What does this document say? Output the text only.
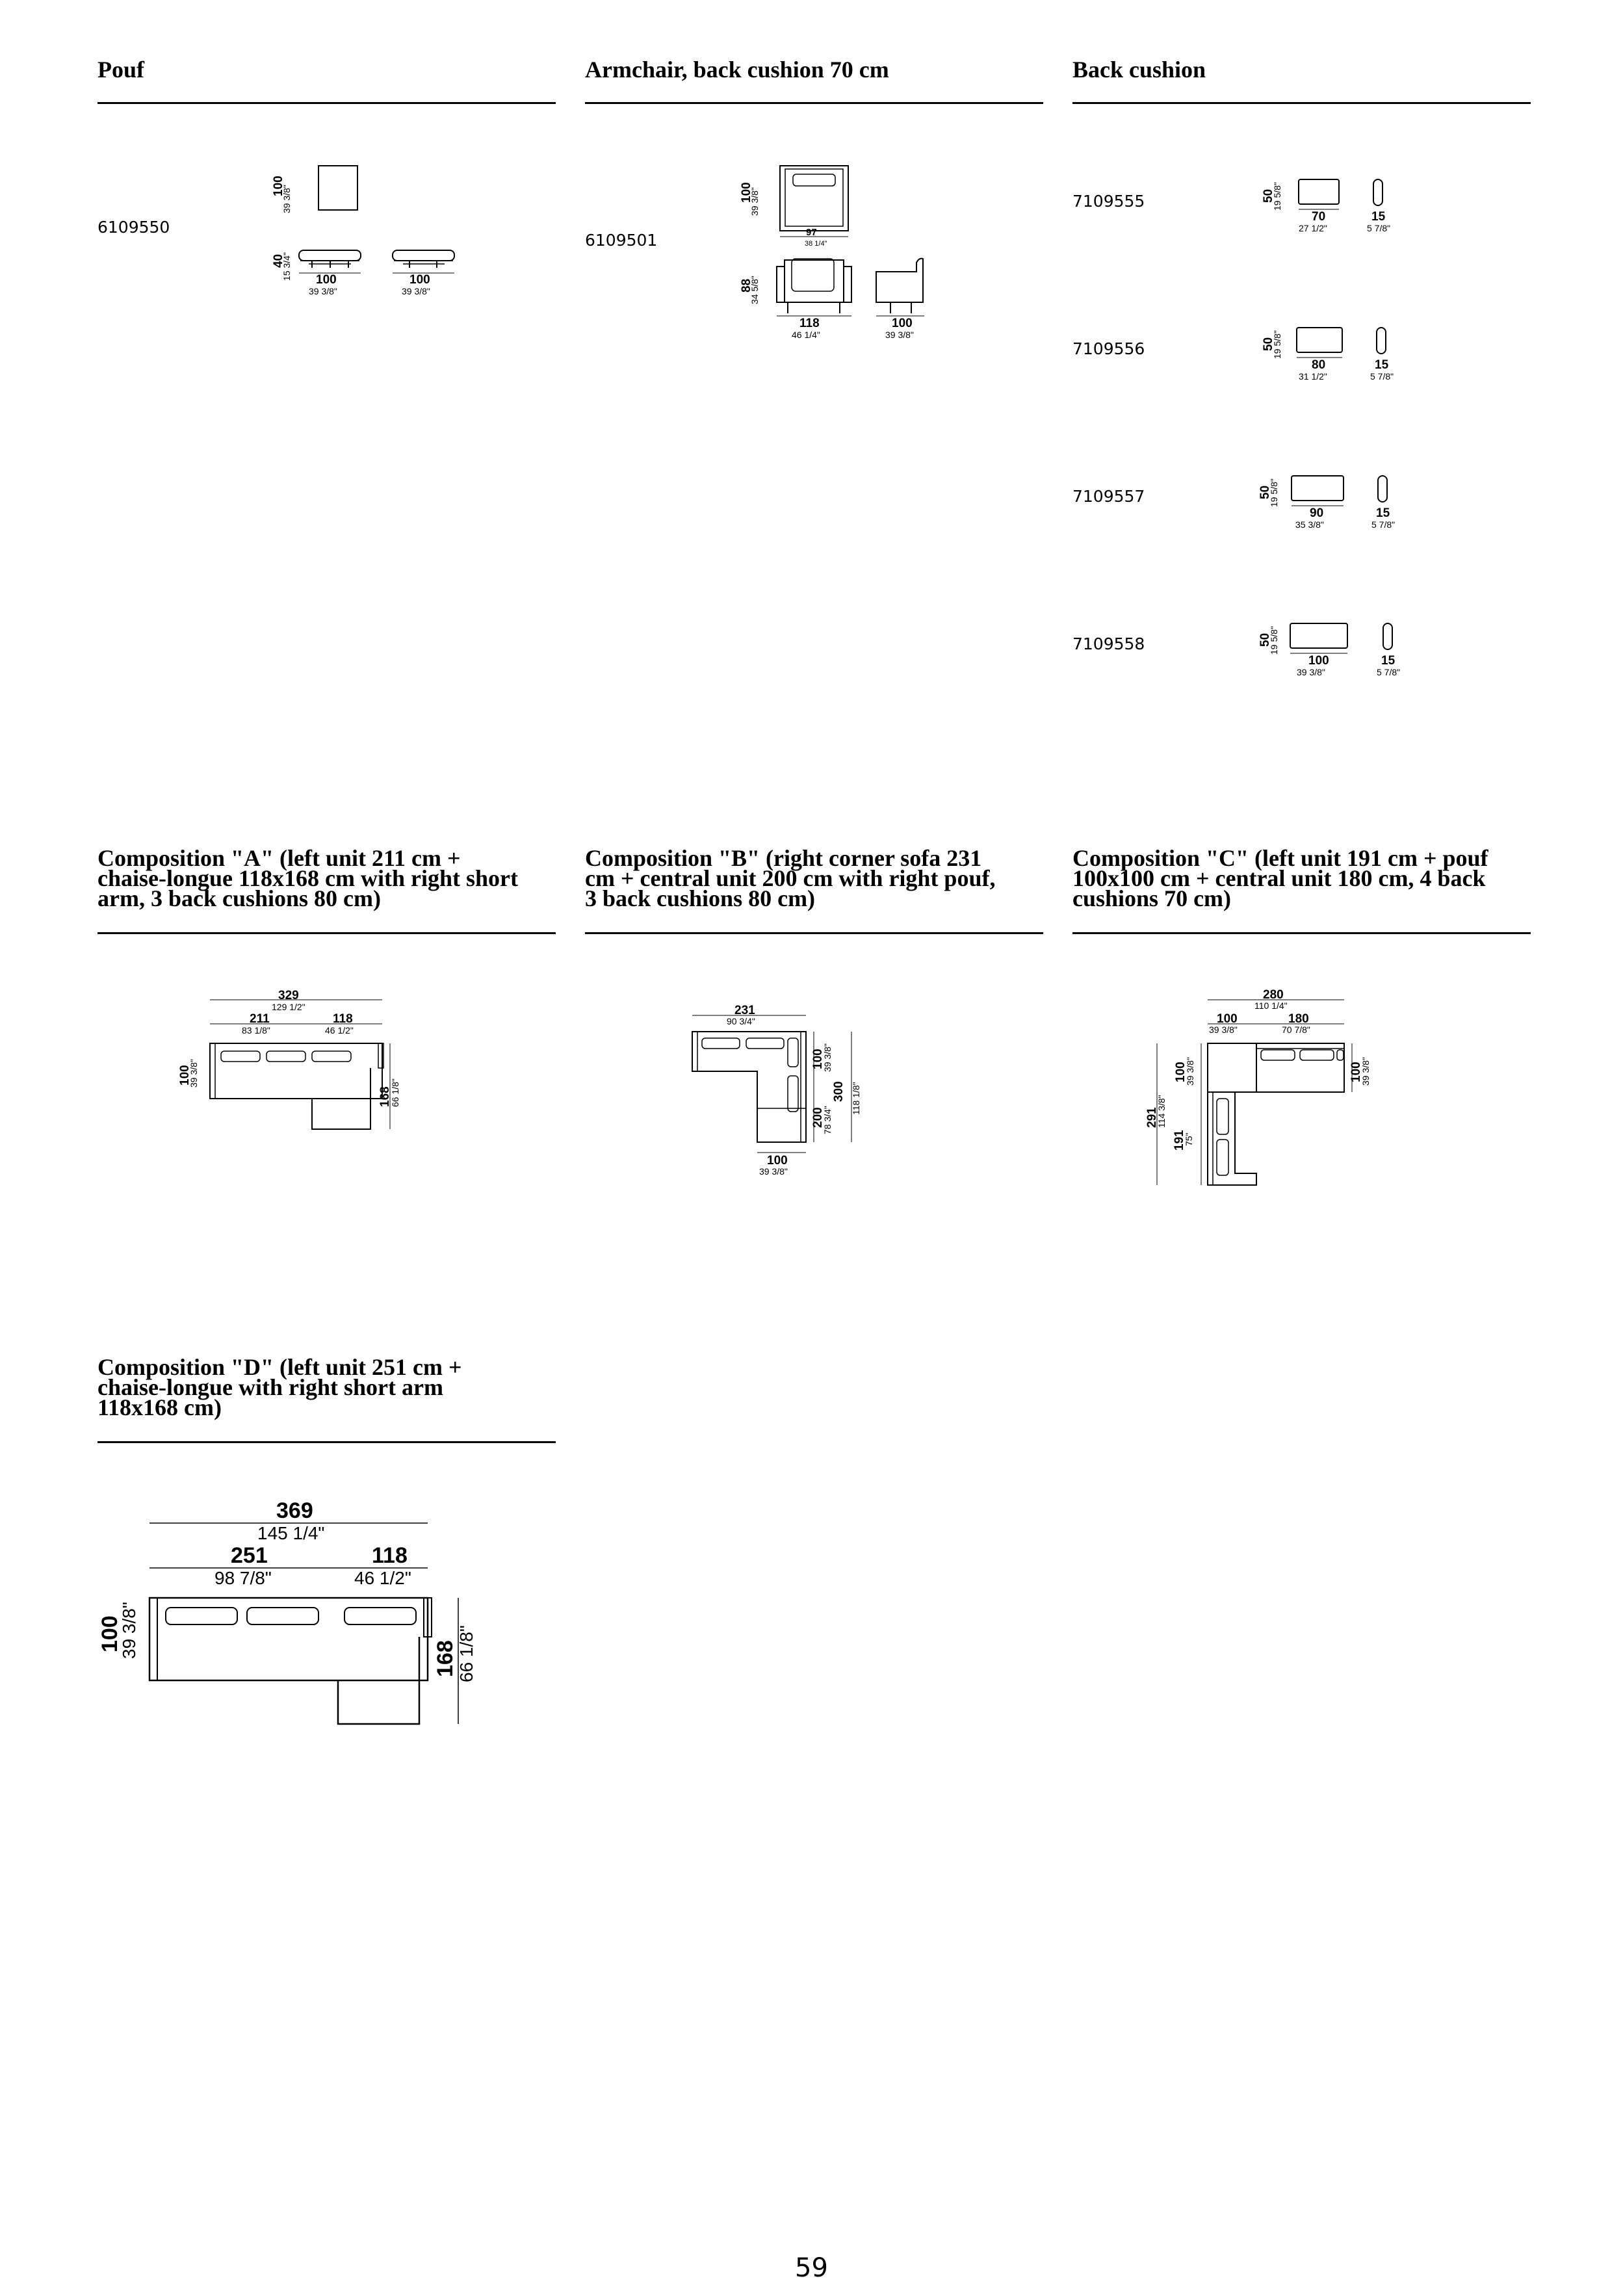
Pouf	Armchair, back cushion 70 cm	Back cushion
6109550
100
39 3/8"
40
15 3/4" 100
39 3/8"
100
39 3/8"
6109501
100
39 3/8"
97
38 1/4"
88
34 5/8"
118
46 1/4"
100
39 3/8"
7109555	50
19 5/8"
70
27 1/2"
15
5 7/8"
7109556	50
19 5/8"
80
31 1/2"
15
5 7/8"
7109557	50
19 5/8"
90
35 3/8"
15
5 7/8"
7109558	50
19 5/8"
100
39 3/8"
15
5 7/8"
Composition "A" (left unit 211 cm +
chaise-longue 118x168 cm with right short
arm, 3 back cushions 80 cm)
Composition "B" (right corner sofa 231
cm + central unit 200 cm with right pouf,
3 back cushions 80 cm)
Composition "C" (left unit 191 cm + pouf
100x100 cm + central unit 180 cm, 4 back
cushions 70 cm)
329
129 1/2"
211
83 1/8"
118
46 1/2"
100
39 3/8"
168
66 1/8"
231
90 3/4"
100
39 3/8"
100
39 3/8"
200
78 3/4"
300 118 1/8"
280
110 1/4"
100
39 3/8"
180
70 7/8"
100
39 3/8"	100
39 3/8"
291
114 3/8"
191
75"
Composition "D" (left unit 251 cm +
chaise-longue with right short arm
118x168 cm)
369
145 1/4"
251
98 7/8"
118
46 1/2"
100
39 3/8"	168
66 1/8"
59
